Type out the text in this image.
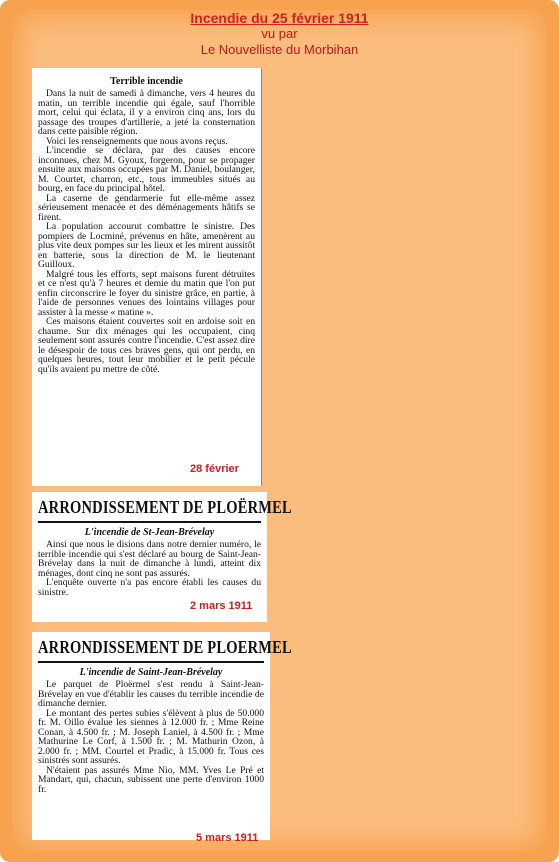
Incendie du 25 février 1911
vu par
Le Nouvelliste du Morbihan
Terrible incendie

Dans la nuit de samedi à dimanche, vers 4 heures du matin, un terrible incendie qui égale, sauf l'horrible mort, celui qui éclata, il y a environ cinq ans, lors du passage des troupes d'artillerie, a jeté la consternation dans cette paisible région.

Voici les renseignements que nous avons reçus.

L'incendie se déclara, par des causes encore inconnues, chez M. Gyoux, forgeron, pour se propager ensuite aux maisons occupées par M. Daniel, boulanger, M. Courtet, charron, etc., tous immeubles situés au bourg, en face du principal hôtel.

La caserne de gendarmerie fut elle-même assez sérieusement menacée et des déménagements hâtifs se firent.

La population accourut combattre le sinistre. Des pompiers de Locminé, prévenus en hâte, amenèrent au plus vite deux pompes sur les lieux et les mirent aussitôt en batterie, sous la direction de M. le lieutenant Guilloux.

Malgré tous les efforts, sept maisons furent détruites et ce n'est qu'à 7 heures et demie du matin que l'on put enfin circonscrire le foyer du sinistre grâce, en partie, à l'aide de personnes venues des lointains villages pour assister à la messe « matine ».

Ces maisons étaient couvertes soit en ardoise soit en chaume. Sur dix ménages qui les occupaient, cinq seulement sont assurés contre l'incendie. C'est assez dire le désespoir de tous ces braves gens, qui ont perdu, en quelques heures, tout leur mobilier et le petit pécule qu'ils avaient pu mettre de côté.

28 février
ARRONDISSEMENT DE PLOËRMEL
L'incendie de St-Jean-Brévelay

Ainsi que nous le disions dans notre dernier numéro, le terrible incendie qui s'est déclaré au bourg de Saint-Jean-Brévelay dans la nuit de dimanche à lundi, atteint dix ménages, dont cinq ne sont pas assurés.

L'enquête ouverte n'a pas encore établi les causes du sinistre.

2 mars 1911
ARRONDISSEMENT DE PLOERMEL
L'incendie de Saint-Jean-Brévelay

Le parquet de Ploërmel s'est rendu à Saint-Jean-Brévelay en vue d'établir les causes du terrible incendie de dimanche dernier.

Le montant des pertes subies s'élèvent à plus de 50.000 fr. M. Oillo évalue les siennes à 12.000 fr. ; Mme Reine Conan, à 4.500 fr. ; M. Joseph Laniel, à 4.500 fr. ; Mme Mathurine Le Corf, à 1.500 fr. ; M. Mathurin Ozon, à 2.000 fr. ; MM. Courtel et Pradic, à 15.000 fr. Tous ces sinistrés sont assurés.

N'étaient pas assurés Mme Nio, MM. Yves Le Pré et Mandart, qui, chacun, subissent une perte d'environ 1000 fr.

5 mars 1911
